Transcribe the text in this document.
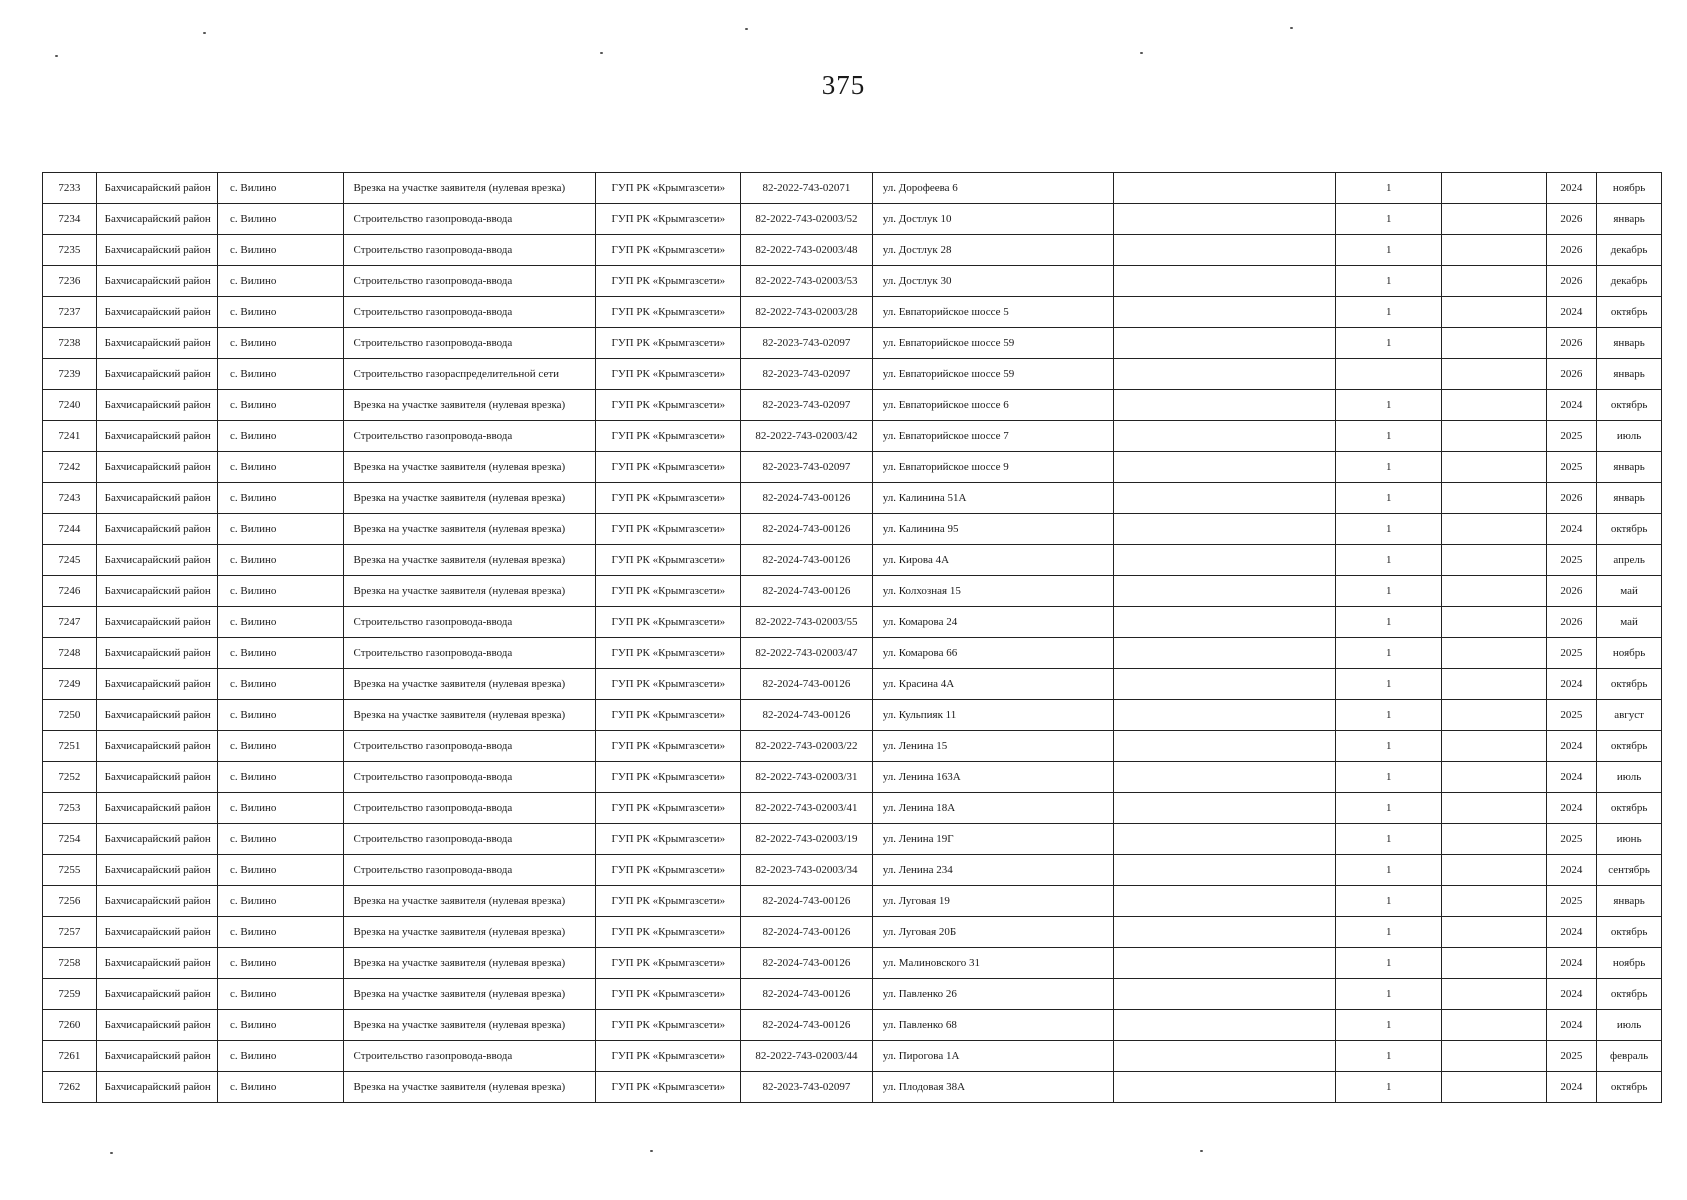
375
7233	Бахчисарайский район	с. Вилино	Врезка на участке заявителя (нулевая врезка)	ГУП РК «Крымгазсети»	82-2022-743-02071	ул. Дорофеева 6		1		2024	ноябрь
7234	Бахчисарайский район	с. Вилино	Строительство газопровода-ввода	ГУП РК «Крымгазсети»	82-2022-743-02003/52	ул. Достлук 10		1		2026	январь
7235	Бахчисарайский район	с. Вилино	Строительство газопровода-ввода	ГУП РК «Крымгазсети»	82-2022-743-02003/48	ул. Достлук 28		1		2026	декабрь
7236	Бахчисарайский район	с. Вилино	Строительство газопровода-ввода	ГУП РК «Крымгазсети»	82-2022-743-02003/53	ул. Достлук 30		1		2026	декабрь
7237	Бахчисарайский район	с. Вилино	Строительство газопровода-ввода	ГУП РК «Крымгазсети»	82-2022-743-02003/28	ул. Евпаторийское шоссе 5		1		2024	октябрь
7238	Бахчисарайский район	с. Вилино	Строительство газопровода-ввода	ГУП РК «Крымгазсети»	82-2023-743-02097	ул. Евпаторийское шоссе 59		1		2026	январь
7239	Бахчисарайский район	с. Вилино	Строительство газораспределительной сети	ГУП РК «Крымгазсети»	82-2023-743-02097	ул. Евпаторийское шоссе 59				2026	январь
7240	Бахчисарайский район	с. Вилино	Врезка на участке заявителя (нулевая врезка)	ГУП РК «Крымгазсети»	82-2023-743-02097	ул. Евпаторийское шоссе 6		1		2024	октябрь
7241	Бахчисарайский район	с. Вилино	Строительство газопровода-ввода	ГУП РК «Крымгазсети»	82-2022-743-02003/42	ул. Евпаторийское шоссе 7		1		2025	июль
7242	Бахчисарайский район	с. Вилино	Врезка на участке заявителя (нулевая врезка)	ГУП РК «Крымгазсети»	82-2023-743-02097	ул. Евпаторийское шоссе 9		1		2025	январь
7243	Бахчисарайский район	с. Вилино	Врезка на участке заявителя (нулевая врезка)	ГУП РК «Крымгазсети»	82-2024-743-00126	ул. Калинина 51А		1		2026	январь
7244	Бахчисарайский район	с. Вилино	Врезка на участке заявителя (нулевая врезка)	ГУП РК «Крымгазсети»	82-2024-743-00126	ул. Калинина 95		1		2024	октябрь
7245	Бахчисарайский район	с. Вилино	Врезка на участке заявителя (нулевая врезка)	ГУП РК «Крымгазсети»	82-2024-743-00126	ул. Кирова 4А		1		2025	апрель
7246	Бахчисарайский район	с. Вилино	Врезка на участке заявителя (нулевая врезка)	ГУП РК «Крымгазсети»	82-2024-743-00126	ул. Колхозная 15		1		2026	май
7247	Бахчисарайский район	с. Вилино	Строительство газопровода-ввода	ГУП РК «Крымгазсети»	82-2022-743-02003/55	ул. Комарова 24		1		2026	май
7248	Бахчисарайский район	с. Вилино	Строительство газопровода-ввода	ГУП РК «Крымгазсети»	82-2022-743-02003/47	ул. Комарова 66		1		2025	ноябрь
7249	Бахчисарайский район	с. Вилино	Врезка на участке заявителя (нулевая врезка)	ГУП РК «Крымгазсети»	82-2024-743-00126	ул. Красина 4А		1		2024	октябрь
7250	Бахчисарайский район	с. Вилино	Врезка на участке заявителя (нулевая врезка)	ГУП РК «Крымгазсети»	82-2024-743-00126	ул. Кульпияк 11		1		2025	август
7251	Бахчисарайский район	с. Вилино	Строительство газопровода-ввода	ГУП РК «Крымгазсети»	82-2022-743-02003/22	ул. Ленина 15		1		2024	октябрь
7252	Бахчисарайский район	с. Вилино	Строительство газопровода-ввода	ГУП РК «Крымгазсети»	82-2022-743-02003/31	ул. Ленина 163А		1		2024	июль
7253	Бахчисарайский район	с. Вилино	Строительство газопровода-ввода	ГУП РК «Крымгазсети»	82-2022-743-02003/41	ул. Ленина 18А		1		2024	октябрь
7254	Бахчисарайский район	с. Вилино	Строительство газопровода-ввода	ГУП РК «Крымгазсети»	82-2022-743-02003/19	ул. Ленина 19Г		1		2025	июнь
7255	Бахчисарайский район	с. Вилино	Строительство газопровода-ввода	ГУП РК «Крымгазсети»	82-2023-743-02003/34	ул. Ленина 234		1		2024	сентябрь
7256	Бахчисарайский район	с. Вилино	Врезка на участке заявителя (нулевая врезка)	ГУП РК «Крымгазсети»	82-2024-743-00126	ул. Луговая 19		1		2025	январь
7257	Бахчисарайский район	с. Вилино	Врезка на участке заявителя (нулевая врезка)	ГУП РК «Крымгазсети»	82-2024-743-00126	ул. Луговая 20Б		1		2024	октябрь
7258	Бахчисарайский район	с. Вилино	Врезка на участке заявителя (нулевая врезка)	ГУП РК «Крымгазсети»	82-2024-743-00126	ул. Малиновского 31		1		2024	ноябрь
7259	Бахчисарайский район	с. Вилино	Врезка на участке заявителя (нулевая врезка)	ГУП РК «Крымгазсети»	82-2024-743-00126	ул. Павленко 26		1		2024	октябрь
7260	Бахчисарайский район	с. Вилино	Врезка на участке заявителя (нулевая врезка)	ГУП РК «Крымгазсети»	82-2024-743-00126	ул. Павленко 68		1		2024	июль
7261	Бахчисарайский район	с. Вилино	Строительство газопровода-ввода	ГУП РК «Крымгазсети»	82-2022-743-02003/44	ул. Пирогова 1А		1		2025	февраль
7262	Бахчисарайский район	с. Вилино	Врезка на участке заявителя (нулевая врезка)	ГУП РК «Крымгазсети»	82-2023-743-02097	ул. Плодовая 38А		1		2024	октябрь
